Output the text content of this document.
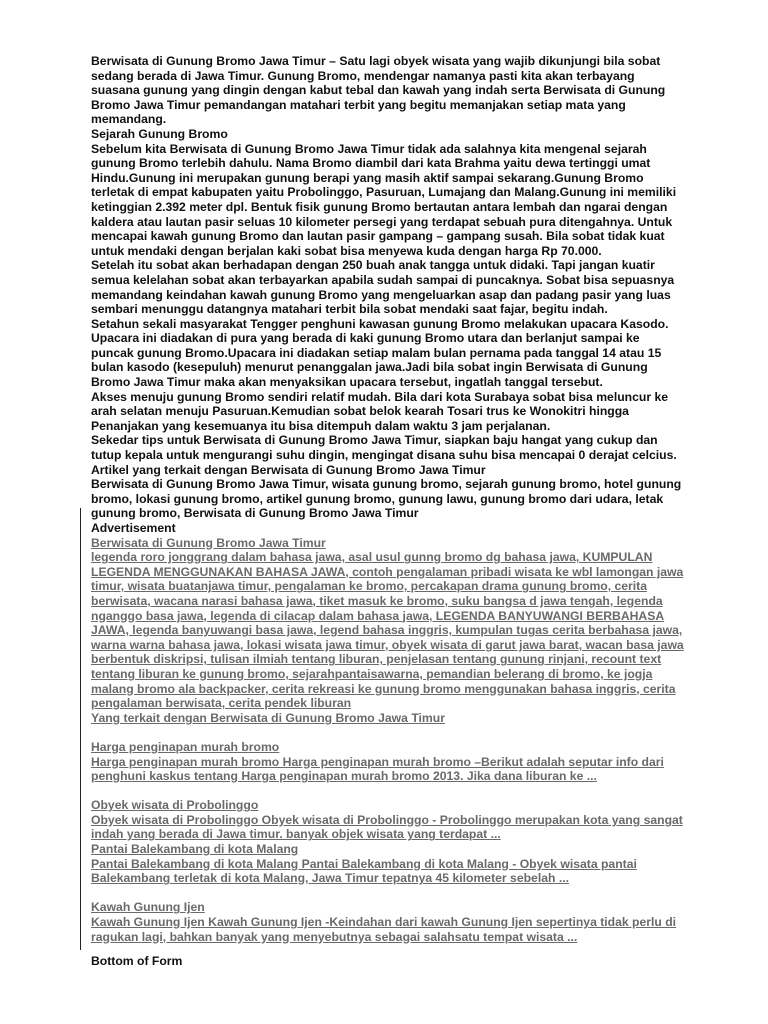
Berwisata di Gunung Bromo Jawa Timur – Satu lagi obyek wisata yang wajib dikunjungi bila sobat sedang berada di Jawa Timur. Gunung Bromo, mendengar namanya pasti kita akan terbayang suasana gunung yang dingin dengan kabut tebal dan kawah yang indah serta Berwisata di Gunung Bromo Jawa Timur pemandangan matahari terbit yang begitu memanjakan setiap mata yang memandang.

Sejarah Gunung Bromo

Sebelum kita Berwisata di Gunung Bromo Jawa Timur tidak ada salahnya kita mengenal sejarah gunung Bromo terlebih dahulu. Nama Bromo diambil dari kata Brahma yaitu dewa tertinggi umat Hindu.Gunung ini merupakan gunung berapi yang masih aktif sampai sekarang.Gunung Bromo terletak di empat kabupaten yaitu Probolinggo, Pasuruan, Lumajang dan Malang.Gunung ini memiliki ketinggian 2.392 meter dpl. Bentuk fisik gunung Bromo bertautan antara lembah dan ngarai dengan kaldera atau lautan pasir seluas 10 kilometer persegi yang terdapat sebuah pura ditengahnya. Untuk mencapai kawah gunung Bromo dan lautan pasir gampang – gampang susah. Bila sobat tidak kuat untuk mendaki dengan berjalan kaki sobat bisa menyewa kuda dengan harga Rp 70.000.

Setelah itu sobat akan berhadapan dengan 250 buah anak tangga untuk didaki. Tapi jangan kuatir semua kelelahan sobat akan terbayarkan apabila sudah sampai di puncaknya. Sobat bisa sepuasnya memandang keindahan kawah gunung Bromo yang mengeluarkan asap dan padang pasir yang luas sembari menunggu datangnya matahari terbit bila sobat mendaki saat fajar, begitu indah.

Setahun sekali masyarakat Tengger penghuni kawasan gunung Bromo melakukan upacara Kasodo. Upacara ini diadakan di pura yang berada di kaki gunung Bromo utara dan berlanjut sampai ke puncak gunung Bromo.Upacara ini diadakan setiap malam bulan pernama pada tanggal 14 atau 15 bulan kasodo (kesepuluh) menurut penanggalan jawa.Jadi bila sobat ingin Berwisata di Gunung Bromo Jawa Timur maka akan menyaksikan upacara tersebut, ingatlah tanggal tersebut.

Akses menuju gunung Bromo sendiri relatif mudah. Bila dari kota Surabaya sobat bisa meluncur ke arah selatan menuju Pasuruan.Kemudian sobat belok kearah Tosari trus ke Wonokitri hingga Penanjakan yang kesemuanya itu bisa ditempuh dalam waktu 3 jam perjalanan.

Sekedar tips untuk Berwisata di Gunung Bromo Jawa Timur, siapkan baju hangat yang cukup dan tutup kepala untuk mengurangi suhu dingin, mengingat disana suhu bisa mencapai 0 derajat celcius.

Artikel yang terkait dengan Berwisata di Gunung Bromo Jawa Timur

Berwisata di Gunung Bromo Jawa Timur, wisata gunung bromo, sejarah gunung bromo, hotel gunung bromo, lokasi gunung bromo, artikel gunung bromo, gunung lawu, gunung bromo dari udara, letak gunung bromo, Berwisata di Gunung Bromo Jawa Timur

Advertisement

Berwisata di Gunung Bromo Jawa Timur
legenda roro jonggrang dalam bahasa jawa, asal usul gunng bromo dg bahasa jawa, KUMPULAN LEGENDA MENGGUNAKAN BAHASA JAWA, contoh pengalaman pribadi wisata ke wbl lamongan jawa timur, wisata buatanjawa timur, pengalaman ke bromo, percakapan drama gunung bromo, cerita berwisata, wacana narasi bahasa jawa, tiket masuk ke bromo, suku bangsa d jawa tengah, legenda nganggo basa jawa, legenda di cilacap dalam bahasa jawa, LEGENDA BANYUWANGI BERBAHASA JAWA, legenda banyuwangi basa jawa, legend bahasa inggris, kumpulan tugas cerita berbahasa jawa, warna warna bahasa jawa, lokasi wisata jawa timur, obyek wisata di garut jawa barat, wacan basa jawa berbentuk diskripsi, tulisan ilmiah tentang liburan, penjelasan tentang gunung rinjani, recount text tentang liburan ke gunung bromo, sejarahpantaisawarna, pemandian belerang di bromo, ke jogja malang bromo ala backpacker, cerita rekreasi ke gunung bromo menggunakan bahasa inggris, cerita pengalaman berwisata, cerita pendek liburan
Yang terkait dengan Berwisata di Gunung Bromo Jawa Timur
Harga penginapan murah bromo
Harga penginapan murah bromo Harga penginapan murah bromo –Berikut adalah seputar info dari penghuni kaskus tentang Harga penginapan murah bromo 2013. Jika dana liburan ke ...
Obyek wisata di Probolinggo
Obyek wisata di Probolinggo Obyek wisata di Probolinggo - Probolinggo merupakan kota yang sangat indah yang berada di Jawa timur. banyak objek wisata yang terdapat ...
Pantai Balekambang di kota Malang
Pantai Balekambang di kota Malang Pantai Balekambang di kota Malang - Obyek wisata pantai Balekambang terletak di kota Malang, Jawa Timur tepatnya 45 kilometer sebelah ...
Kawah Gunung Ijen
Kawah Gunung Ijen Kawah Gunung Ijen -Keindahan dari kawah Gunung Ijen sepertinya tidak perlu di ragukan lagi, bahkan banyak yang menyebutnya sebagai salahsatu tempat wisata ...

Bottom of Form
